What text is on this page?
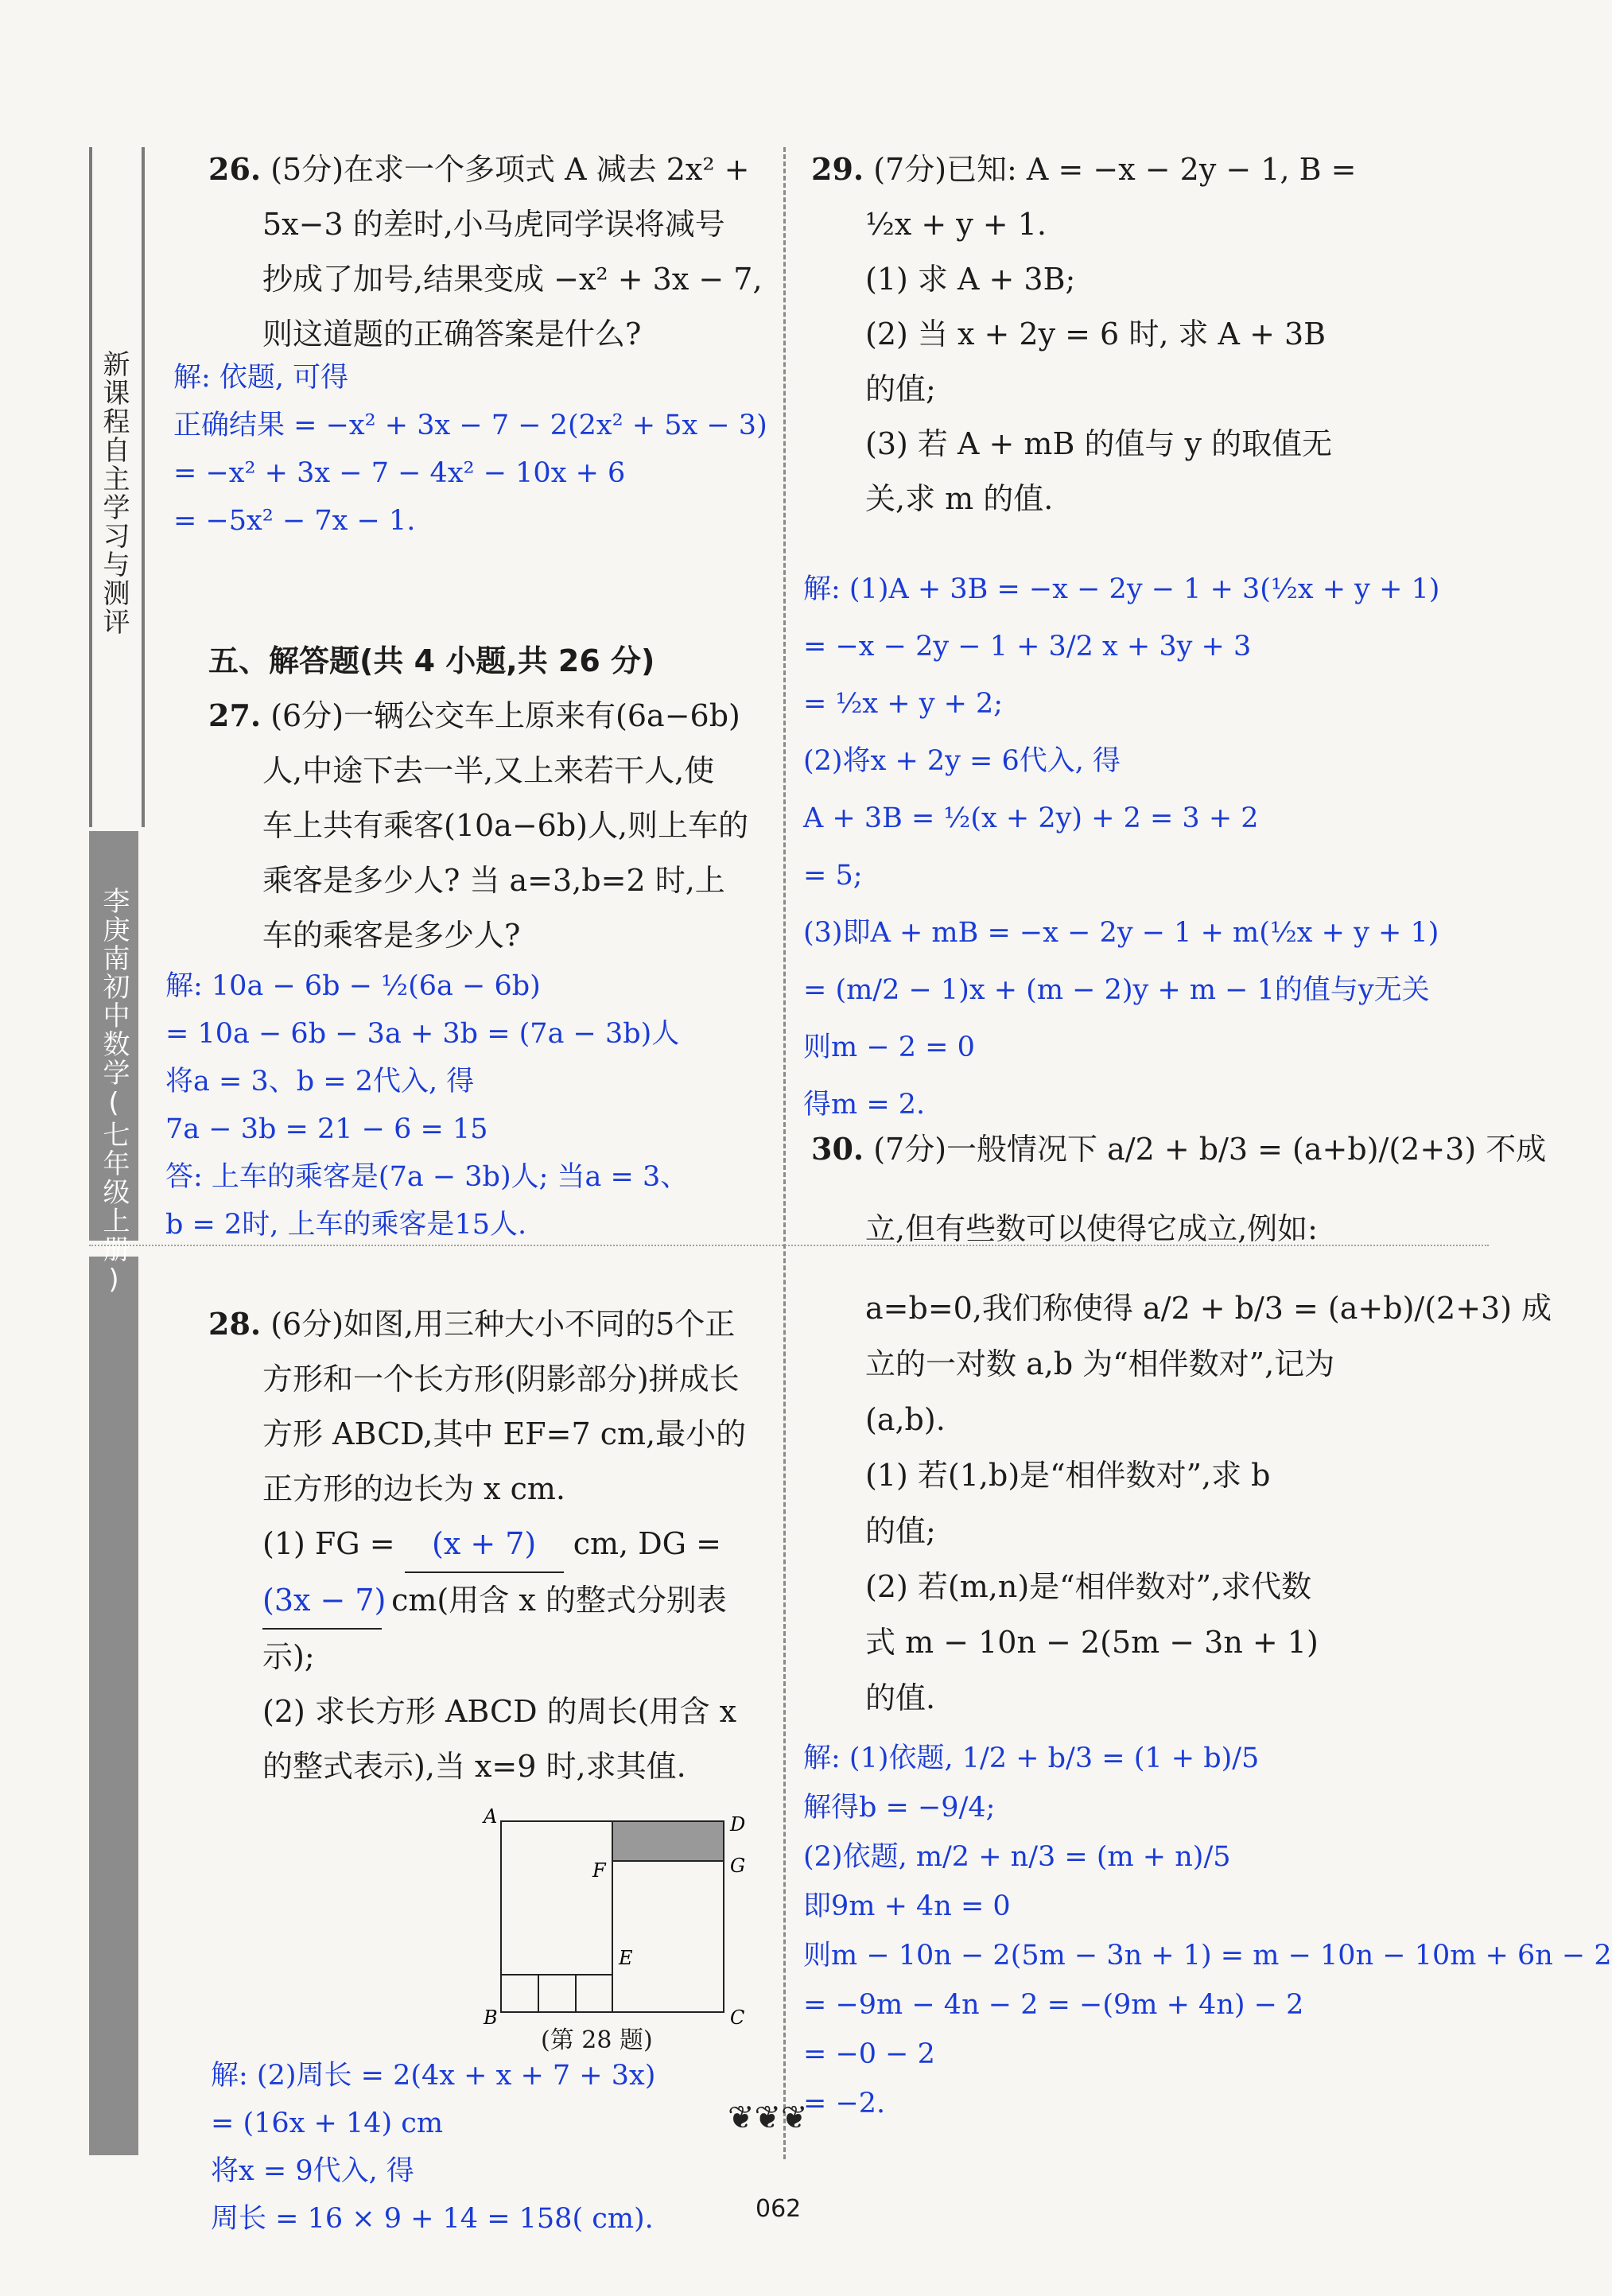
新课程自主学习与测评
李庚南初中数学(七年级上册)
26. (5分)在求一个多项式 A 减去 2x² +
5x−3 的差时,小马虎同学误将减号
抄成了加号,结果变成 −x² + 3x − 7,
则这道题的正确答案是什么?
解: 依题, 可得
正确结果 = −x² + 3x − 7 − 2(2x² + 5x − 3)
= −x² + 3x − 7 − 4x² − 10x + 6
= −5x² − 7x − 1.
五、解答题(共 4 小题,共 26 分)
27. (6分)一辆公交车上原来有(6a−6b)
人,中途下去一半,又上来若干人,使
车上共有乘客(10a−6b)人,则上车的
乘客是多少人? 当 a=3,b=2 时,上
车的乘客是多少人?
解: 10a − 6b − ½(6a − 6b)
= 10a − 6b − 3a + 3b = (7a − 3b)人
将a = 3、b = 2代入, 得
7a − 3b = 21 − 6 = 15
答: 上车的乘客是(7a − 3b)人; 当a = 3、
b = 2时, 上车的乘客是15人.
28. (6分)如图,用三种大小不同的5个正
方形和一个长方形(阴影部分)拼成长
方形 ABCD,其中 EF=7 cm,最小的
正方形的边长为 x cm.
(1) FG = (x + 7) cm, DG =
(3x − 7) cm(用含 x 的整式分别表
示);
(2) 求长方形 ABCD 的周长(用含 x
的整式表示),当 x=9 时,求其值.
A
B	C
D
E
F	G
(第 28 题)
解: (2)周长 = 2(4x + x + 7 + 3x)
= (16x + 14) cm
将x = 9代入, 得
周长 = 16 × 9 + 14 = 158( cm).
29. (7分)已知: A = −x − 2y − 1, B =
½x + y + 1.
(1) 求 A + 3B;
(2) 当 x + 2y = 6 时, 求 A + 3B
的值;
(3) 若 A + mB 的值与 y 的取值无
关,求 m 的值.
解: (1)A + 3B = −x − 2y − 1 + 3(½x + y + 1)
= −x − 2y − 1 + 3/2 x + 3y + 3
= ½x + y + 2;
(2)将x + 2y = 6代入, 得
A + 3B = ½(x + 2y) + 2 = 3 + 2
= 5;
(3)即A + mB = −x − 2y − 1 + m(½x + y + 1)
= (m/2 − 1)x + (m − 2)y + m − 1的值与y无关
则m − 2 = 0
得m = 2.
30. (7分)一般情况下 a/2 + b/3 = (a+b)/(2+3) 不成
立,但有些数可以使得它成立,例如:
a=b=0,我们称使得 a/2 + b/3 = (a+b)/(2+3) 成
立的一对数 a,b 为“相伴数对”,记为
(a,b).
(1) 若(1,b)是“相伴数对”,求 b
的值;
(2) 若(m,n)是“相伴数对”,求代数
式 m − 10n − 2(5m − 3n + 1)
的值.
解: (1)依题, 1/2 + b/3 = (1 + b)/5
解得b = −9/4;
(2)依题, m/2 + n/3 = (m + n)/5
即9m + 4n = 0
则m − 10n − 2(5m − 3n + 1) = m − 10n − 10m + 6n − 2
= −9m − 4n − 2 = −(9m + 4n) − 2
= −0 − 2
= −2.
❦❦❦
062
